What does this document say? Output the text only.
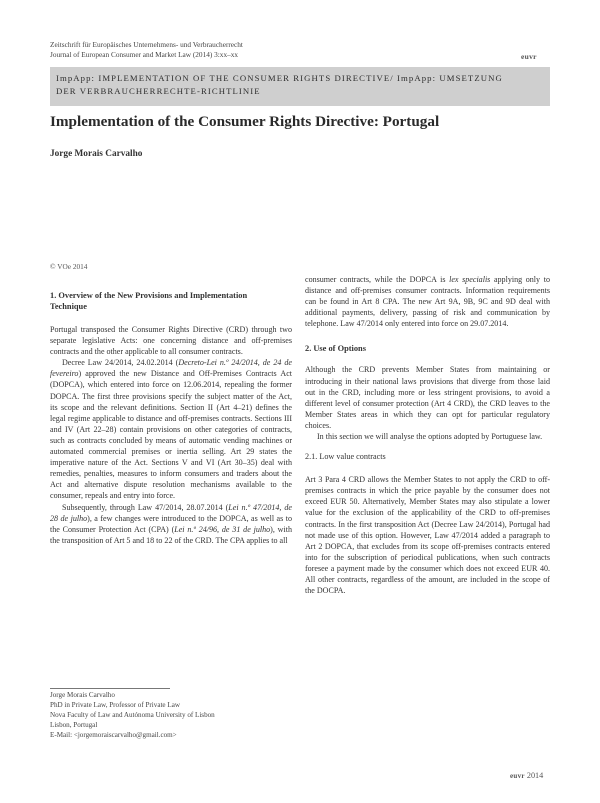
Zeitschrift für Europäisches Unternehmens- und Verbraucherrecht
Journal of European Consumer and Market Law (2014) 3:xx–xx	euvr
ImpApp: IMPLEMENTATION OF THE CONSUMER RIGHTS DIRECTIVE/ ImpApp: UMSETZUNG
DER VERBRAUCHERRECHTE-RICHTLINIE
Implementation of the Consumer Rights Directive: Portugal
Jorge Morais Carvalho
© VOe 2014
1. Overview of the New Provisions and Implementation
Technique

Portugal transposed the Consumer Rights Directive (CRD) through two separate legislative Acts: one concerning distance and off-premises contracts and the other applicable to all consumer contracts.

Decree Law 24/2014, 24.02.2014 (Decreto-Lei n.º 24/2014, de 24 de fevereiro) approved the new Distance and Off-Premises Contracts Act (DOPCA), which entered into force on 12.06.2014, repealing the former DOPCA. The first three provisions specify the subject matter of the Act, its scope and the relevant definitions. Section II (Art 4–21) defines the legal regime applicable to distance and off-premises contracts. Sections III and IV (Art 22–28) contain provisions on other categories of contracts, such as contracts concluded by means of automatic vending machines or automated commercial premises or inertia selling. Art 29 states the imperative nature of the Act. Sections V and VI (Art 30–35) deal with remedies, penalties, measures to inform consumers and traders about the Act and alternative dispute resolution mechanisms available to the consumer, repeals and entry into force.

Subsequently, through Law 47/2014, 28.07.2014 (Lei n.º 47/2014, de 28 de julho), a few changes were introduced to the DOPCA, as well as to the Consumer Protection Act (CPA) (Lei n.º 24/96, de 31 de julho), with the transposition of Art 5 and 18 to 22 of the CRD. The CPA applies to all

consumer contracts, while the DOPCA is lex specialis applying only to distance and off-premises consumer contracts. Information requirements can be found in Art 8 CPA. The new Art 9A, 9B, 9C and 9D deal with additional payments, delivery, passing of risk and communication by telephone. Law 47/2014 only entered into force on 29.07.2014.

2. Use of Options

Although the CRD prevents Member States from maintaining or introducing in their national laws provisions that diverge from those laid out in the CRD, including more or less stringent provisions, to avoid a different level of consumer protection (Art 4 CRD), the CRD leaves to the Member States areas in which they can opt for particular regulatory choices.

In this section we will analyse the options adopted by Portuguese law.

2.1. Low value contracts

Art 3 Para 4 CRD allows the Member States to not apply the CRD to off-premises contracts in which the price payable by the consumer does not exceed EUR 50. Alternatively, Member States may also stipulate a lower value for the exclusion of the applicability of the CRD to off-premises contracts. In the first transposition Act (Decree Law 24/2014), Portugal had not made use of this option. However, Law 47/2014 added a paragraph to Art 2 DOPCA, that excludes from its scope off-premises contracts entered into for the subscription of periodical publications, when such contracts foresee a payment made by the consumer which does not exceed EUR 40. All other contracts, regardless of the amount, are included in the scope of the DOCPA.

Jorge Morais Carvalho
PhD in Private Law, Professor of Private Law
Nova Faculty of Law and Autónoma University of Lisbon
Lisbon, Portugal
E-Mail: <jorgemoraiscarvalho@gmail.com>
euvr 2014
